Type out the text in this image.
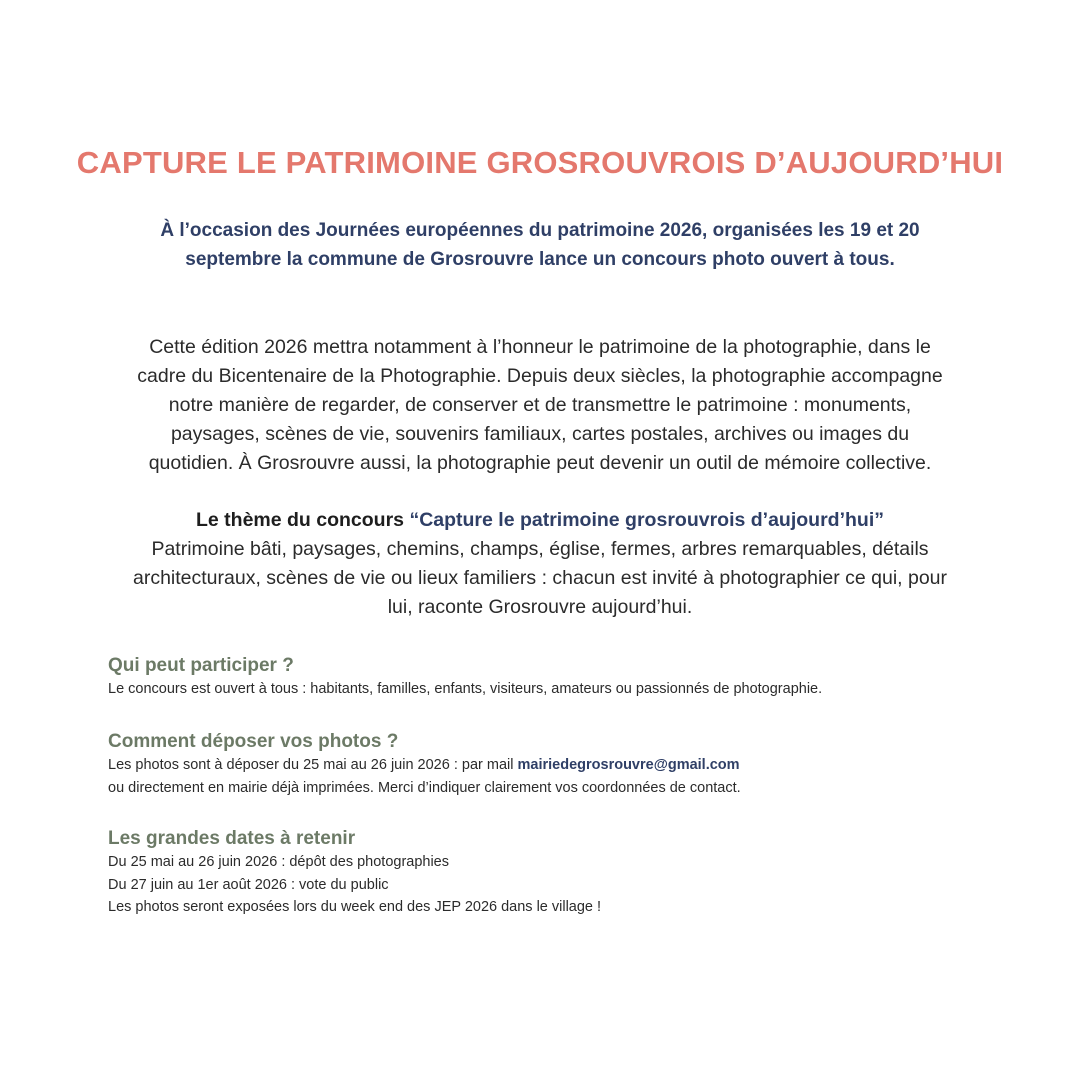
CAPTURE LE PATRIMOINE GROSROUVROIS D’AUJOURD’HUI
À l’occasion des Journées européennes du patrimoine 2026, organisées les 19 et 20
septembre la commune de Grosrouvre lance un concours photo ouvert à tous.
Cette édition 2026 mettra notamment à l’honneur le patrimoine de la photographie, dans le
cadre du Bicentenaire de la Photographie. Depuis deux siècles, la photographie accompagne
notre manière de regarder, de conserver et de transmettre le patrimoine : monuments,
paysages, scènes de vie, souvenirs familiaux, cartes postales, archives ou images du
quotidien. À Grosrouvre aussi, la photographie peut devenir un outil de mémoire collective.
Le thème du concours “Capture le patrimoine grosrouvrois d’aujourd’hui”
Patrimoine bâti, paysages, chemins, champs, église, fermes, arbres remarquables, détails
architecturaux, scènes de vie ou lieux familiers : chacun est invité à photographier ce qui, pour
lui, raconte Grosrouvre aujourd’hui.
Qui peut participer ?

Le concours est ouvert à tous : habitants, familles, enfants, visiteurs, amateurs ou passionnés de photographie.

Comment déposer vos photos ?

Les photos sont à déposer du 25 mai au 26 juin 2026 : par mail mairiedegrosrouvre@gmail.com

ou directement en mairie déjà imprimées. Merci d’indiquer clairement vos coordonnées de contact.

Les grandes dates à retenir

Du 25 mai au 26 juin 2026 : dépôt des photographies

Du 27 juin au 1er août 2026 : vote du public

Les photos seront exposées lors du week end des JEP 2026 dans le village !
